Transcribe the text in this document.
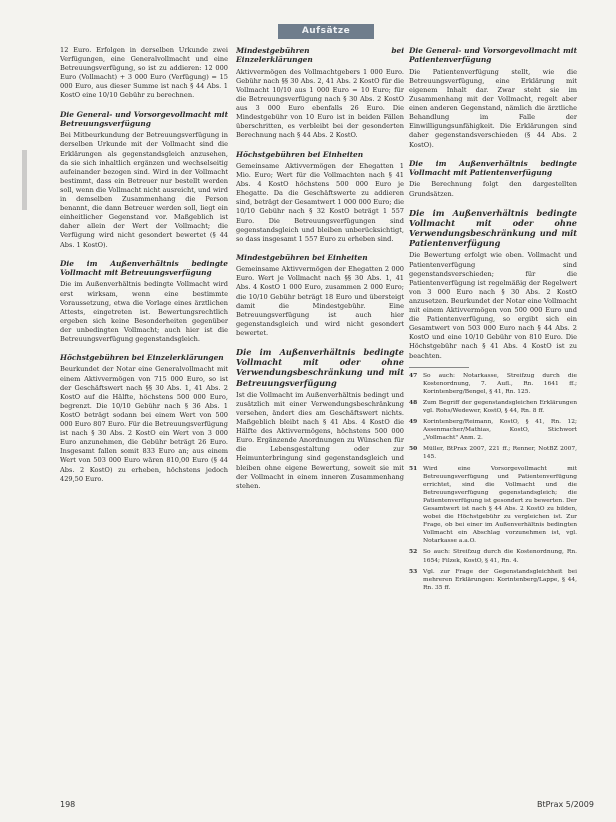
Aufsätze

12 Euro. Erfolgen in derselben Urkunde zwei Verfügungen, eine Generalvollmacht und eine Betreuungsverfügung, so ist zu addieren: 12 000 Euro (Vollmacht) + 3 000 Euro (Verfügung) = 15 000 Euro, aus dieser Summe ist nach § 44 Abs. 1 KostO eine 10/10 Gebühr zu berechnen.

Die General- und Vorsorgevollmacht mit Betreuungsverfügung

Bei Mitbeurkundung der Betreuungsverfügung in derselben Urkunde mit der Vollmacht sind die Erklärungen als gegenstandsgleich anzusehen, da sie sich inhaltlich ergänzen und wechselseitig aufeinander bezogen sind. Wird in der Vollmacht bestimmt, dass ein Betreuer nur bestellt werden soll, wenn die Vollmacht nicht ausreicht, und wird in demselben Zusammenhang die Person benannt, die dann Betreuer werden soll, liegt ein einheitlicher Gegenstand vor. Maßgeblich ist daher allein der Wert der Vollmacht; die Verfügung wird nicht gesondert bewertet (§ 44 Abs. 1 KostO).

Die im Außenverhältnis bedingte Vollmacht mit Betreuungsverfügung

Die im Außenverhältnis bedingte Vollmacht wird erst wirksam, wenn eine bestimmte Voraussetzung, etwa die Vorlage eines ärztlichen Attests, eingetreten ist. Bewertungsrechtlich ergeben sich keine Besonderheiten gegenüber der unbedingten Vollmacht; auch hier ist die Betreuungsverfügung gegenstandsgleich.

Höchstgebühren bei Einzelerklärungen

Beurkundet der Notar eine Generalvollmacht mit einem Aktivvermögen von 715 000 Euro, so ist der Geschäftswert nach §§ 30 Abs. 1, 41 Abs. 2 KostO auf die Hälfte, höchstens 500 000 Euro, begrenzt. Die 10/10 Gebühr nach § 36 Abs. 1 KostO beträgt sodann bei einem Wert von 500 000 Euro 807 Euro. Für die Betreuungsverfügung ist nach § 30 Abs. 2 KostO ein Wert von 3 000 Euro anzunehmen, die Gebühr beträgt 26 Euro. Insgesamt fallen somit 833 Euro an; aus einem Wert von 503 000 Euro wären 810,00 Euro (§ 44 Abs. 2 KostO) zu erheben, höchstens jedoch 429,50 Euro.

Mindestgebühren bei Einzelerklärungen

Aktivvermögen des Vollmachtgebers 1 000 Euro. Gebühr nach §§ 30 Abs. 2, 41 Abs. 2 KostO für die Vollmacht 10/10 aus 1 000 Euro = 10 Euro; für die Betreuungsverfügung nach § 30 Abs. 2 KostO aus 3 000 Euro ebenfalls 26 Euro. Die Mindestgebühr von 10 Euro ist in beiden Fällen überschritten, es verbleibt bei der gesonderten Berechnung nach § 44 Abs. 2 KostO.

Höchstgebühren bei Einheiten

Gemeinsame Aktivvermögen der Ehegatten 1 Mio. Euro; Wert für die Vollmachten nach § 41 Abs. 4 KostO höchstens 500 000 Euro je Ehegatte. Da die Geschäftswerte zu addieren sind, beträgt der Gesamtwert 1 000 000 Euro; die 10/10 Gebühr nach § 32 KostO beträgt 1 557 Euro. Die Betreuungsverfügungen sind gegenstandsgleich und bleiben unberücksichtigt, so dass insgesamt 1 557 Euro zu erheben sind.

Mindestgebühren bei Einheiten

Gemeinsame Aktivvermögen der Ehegatten 2 000 Euro. Wert je Vollmacht nach §§ 30 Abs. 1, 41 Abs. 4 KostO 1 000 Euro, zusammen 2 000 Euro; die 10/10 Gebühr beträgt 18 Euro und übersteigt damit die Mindestgebühr. Eine Betreuungsverfügung ist auch hier gegenstandsgleich und wird nicht gesondert bewertet.

Die im Außenverhältnis bedingte Vollmacht mit oder ohne Verwendungsbeschränkung und mit Betreuungsverfügung

Ist die Vollmacht im Außenverhältnis bedingt und zusätzlich mit einer Verwendungsbeschränkung versehen, ändert dies am Geschäftswert nichts. Maßgeblich bleibt nach § 41 Abs. 4 KostO die Hälfte des Aktivvermögens, höchstens 500 000 Euro. Ergänzende Anordnungen zu Wünschen für die Lebensgestaltung oder zur Heimunterbringung sind gegenstandsgleich und bleiben ohne eigene Bewertung, soweit sie mit der Vollmacht in einem inneren Zusammenhang stehen.

Die General- und Vorsorgevollmacht mit Patientenverfügung

Die Patientenverfügung stellt, wie die Betreuungsverfügung, eine Erklärung mit eigenem Inhalt dar. Zwar steht sie im Zusammenhang mit der Vollmacht, regelt aber einen anderen Gegenstand, nämlich die ärztliche Behandlung im Falle der Einwilligungsunfähigkeit. Die Erklärungen sind daher gegenstandsverschieden (§ 44 Abs. 2 KostO).

Die im Außenverhältnis bedingte Vollmacht mit Patientenverfügung

Die Berechnung folgt den dargestellten Grundsätzen.

Die im Außenverhältnis bedingte Vollmacht mit oder ohne Verwendungsbeschränkung und mit Patientenverfügung

Die Bewertung erfolgt wie oben. Vollmacht und Patientenverfügung sind gegenstandsverschieden; für die Patientenverfügung ist regelmäßig der Regelwert von 3 000 Euro nach § 30 Abs. 2 KostO anzusetzen. Beurkundet der Notar eine Vollmacht mit einem Aktivvermögen von 500 000 Euro und die Patientenverfügung, so ergibt sich ein Gesamtwert von 503 000 Euro nach § 44 Abs. 2 KostO und eine 10/10 Gebühr von 810 Euro. Die Höchstgebühr nach § 41 Abs. 4 KostO ist zu beachten.

47 So auch: Notarkasse, Streifzug durch die Kostenordnung, 7. Aufl., Rn. 1641 ff.; Korintenberg/Bengel, § 41, Rn. 125.

48 Zum Begriff der gegenstandsgleichen Erklärungen vgl. Rohs/Wedewer, KostO, § 44, Rn. 8 ff.

49 Korintenberg/Reimann, KostO, § 41, Rn. 12; Assenmacher/Mathias, KostO, Stichwort „Vollmacht" Anm. 2.

50 Müller, BtPrax 2007, 221 ff.; Renner, NotBZ 2007, 145.

51 Wird eine Vorsorgevollmacht mit Betreuungsverfügung und Patientenverfügung errichtet, sind die Vollmacht und die Betreuungsverfügung gegenstandsgleich; die Patientenverfügung ist gesondert zu bewerten. Der Gesamtwert ist nach § 44 Abs. 2 KostO zu bilden, wobei die Höchstgebühr zu vergleichen ist. Zur Frage, ob bei einer im Außenverhältnis bedingten Vollmacht ein Abschlag vorzunehmen ist, vgl. Notarkasse a.a.O.

52 So auch: Streifzug durch die Kostenordnung, Rn. 1654; Filzek, KostO, § 41, Rn. 4.

53 Vgl. zur Frage der Gegenstandsgleichheit bei mehreren Erklärungen: Korintenberg/Lappe, § 44, Rn. 35 ff.

198	BtPrax 5/2009
